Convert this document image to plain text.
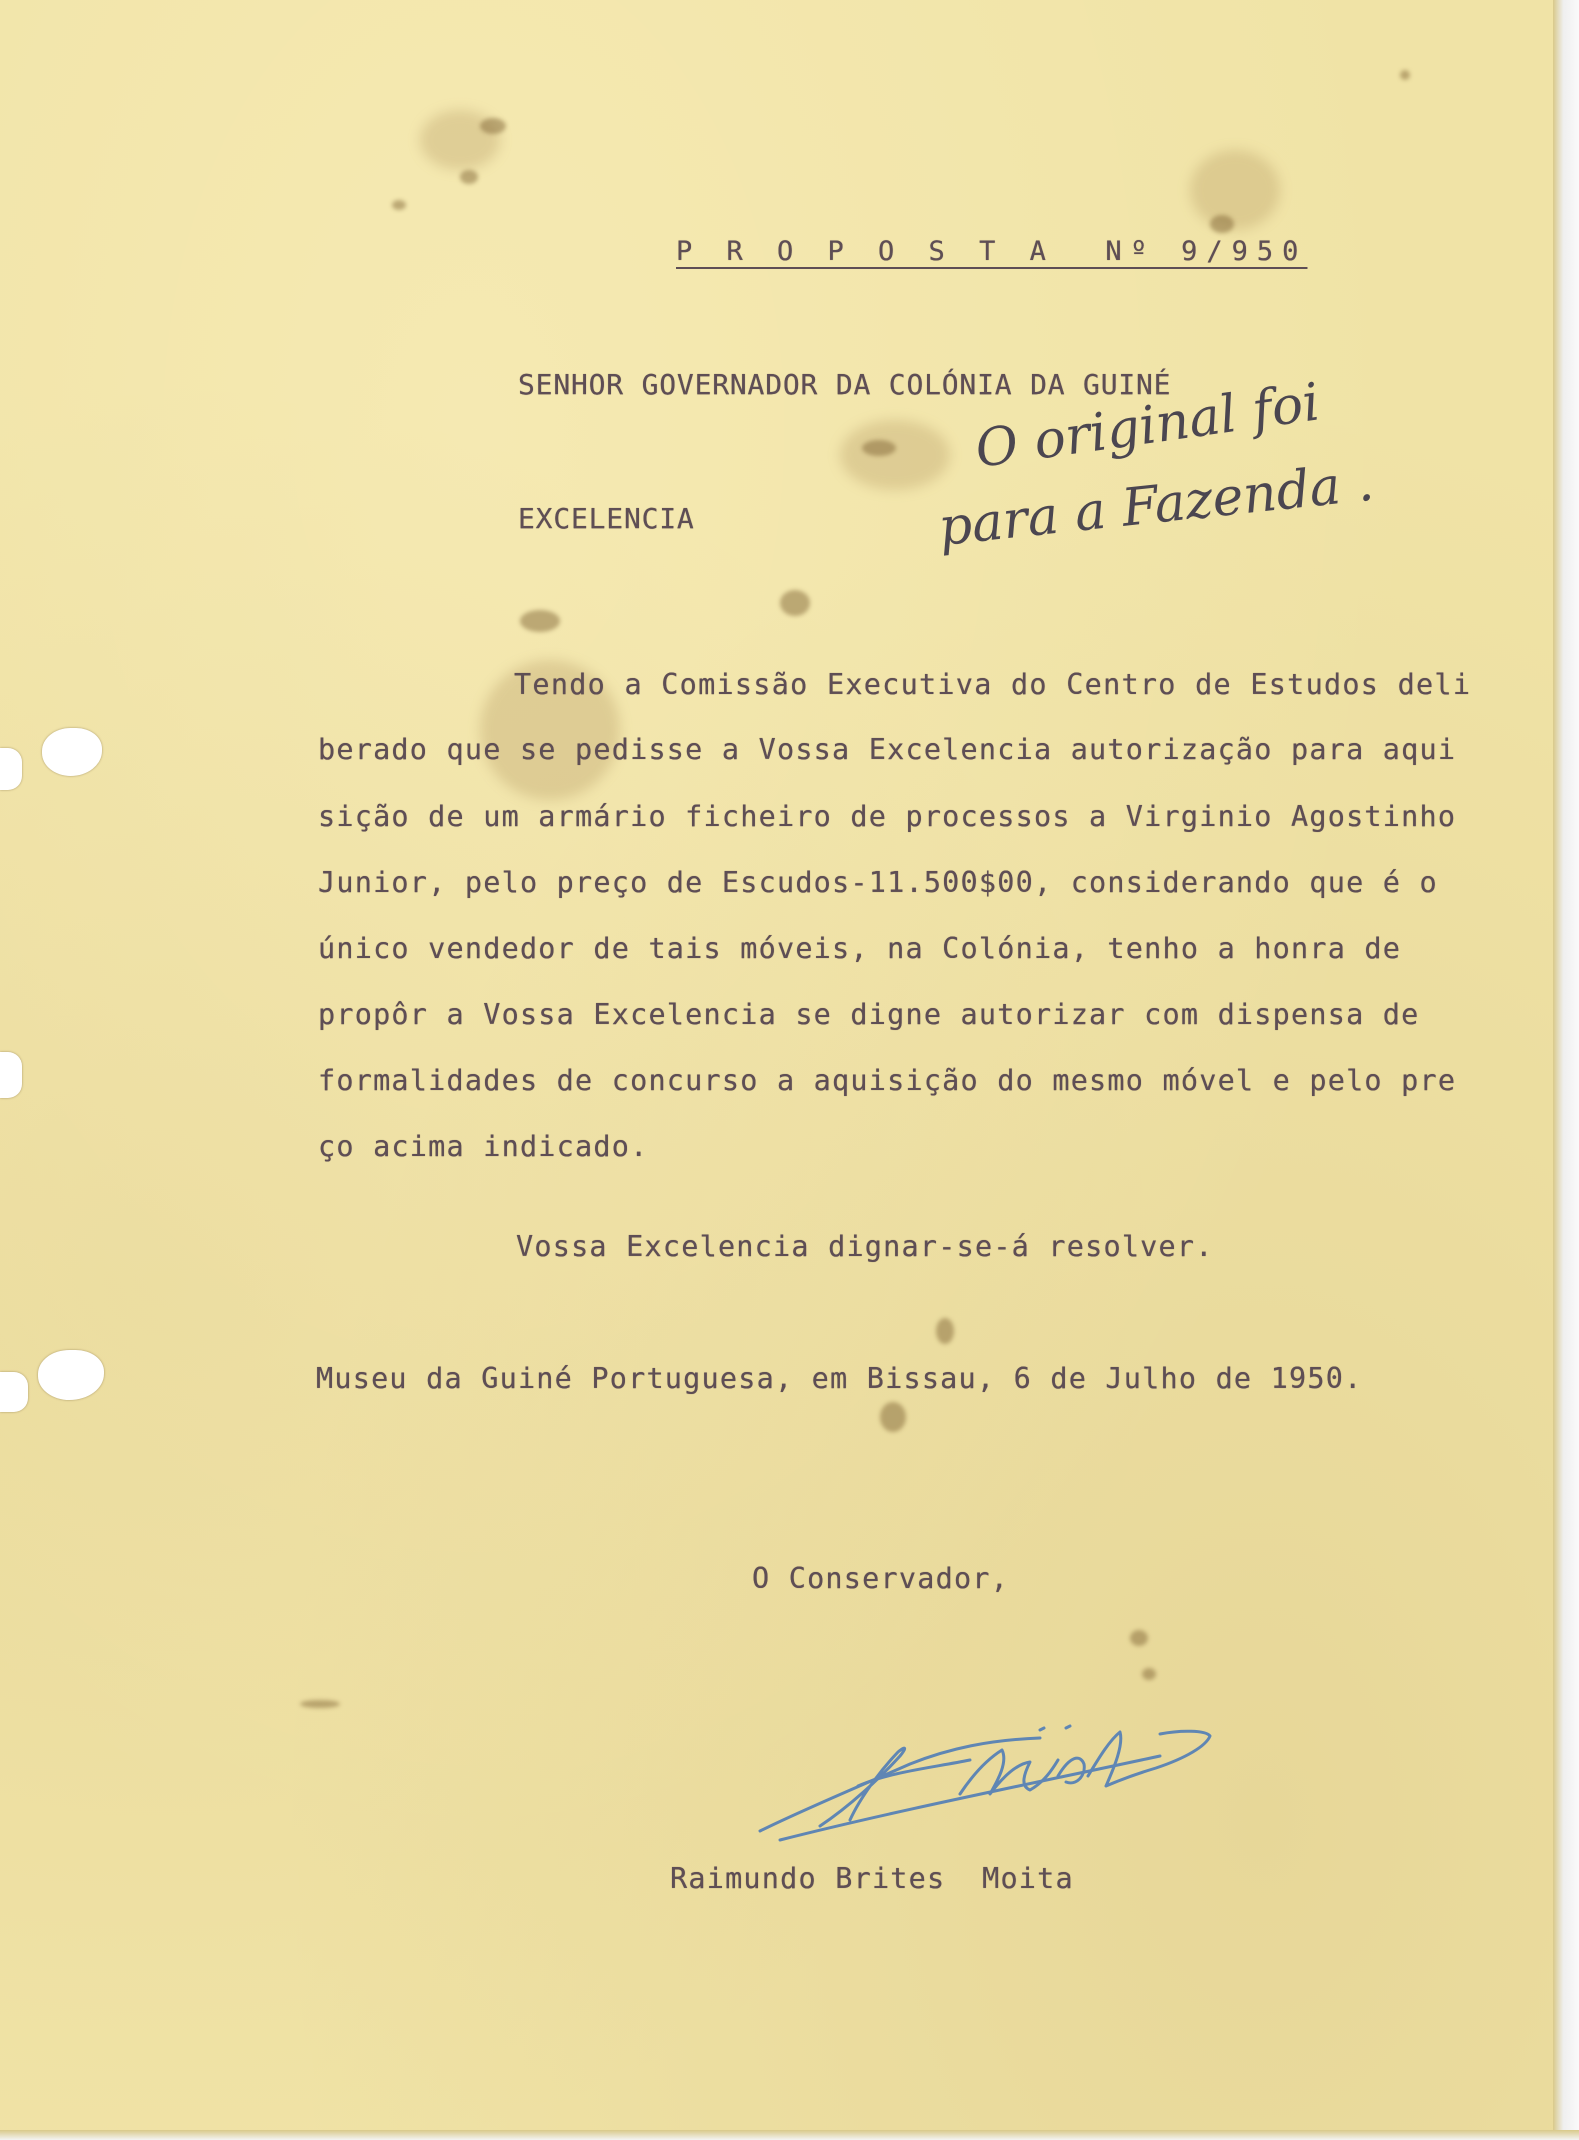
P R O P O S T A  Nº 9/950
SENHOR GOVERNADOR DA COLÓNIA DA GUINÉ
EXCELENCIA
O original foi
para a Fazenda .
Tendo a Comissão Executiva do Centro de Estudos deli
berado que se pedisse a Vossa Excelencia autorização para aqui
sição de um armário ficheiro de processos a Virginio Agostinho
Junior, pelo preço de Escudos-11.500$00, considerando que é o
único vendedor de tais móveis, na Colónia, tenho a honra de
propôr a Vossa Excelencia se digne autorizar com dispensa de
formalidades de concurso a aquisição do mesmo móvel e pelo pre
ço acima indicado.
Vossa Excelencia dignar-se-á resolver.
Museu da Guiné Portuguesa, em Bissau, 6 de Julho de 1950.
O Conservador,
Raimundo Brites  Moita
